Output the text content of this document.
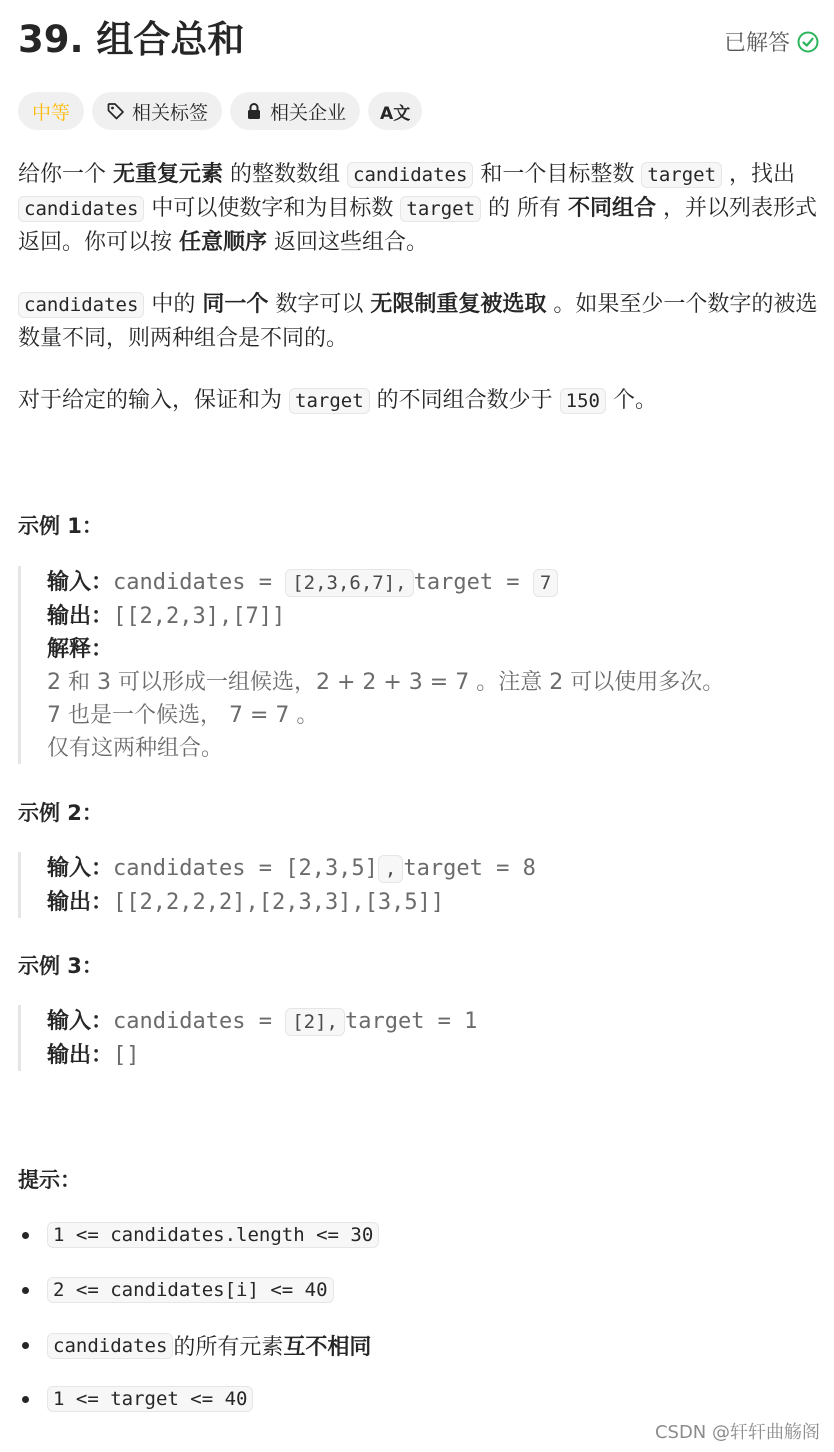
39. 组合总和	已解答
中等	相关标签	相关企业 A文
给你一个 无重复元素 的整数数组 candidates 和一个目标整数 target ，找出 candidates 中可以使数字和为目标数 target 的 所有 不同组合 ，并以列表形式返回。你可以按 任意顺序 返回这些组合。
candidates 中的 同一个 数字可以 无限制重复被选取 。如果至少一个数字的被选数量不同，则两种组合是不同的。
对于给定的输入，保证和为 target 的不同组合数少于 150 个。
示例 1：
输入：candidates = [2,3,6,7], target = 7
输出：[[2,2,3],[7]]
解释：
2 和 3 可以形成一组候选，2 + 2 + 3 = 7 。注意 2 可以使用多次。
7 也是一个候选， 7 = 7 。
仅有这两种组合。
示例 2：
输入：candidates = [2,3,5] , target = 8
输出：[[2,2,2,2],[2,3,3],[3,5]]
示例 3：
输入：candidates = [2], target = 1
输出：[]
提示：
1 <= candidates.length <= 30
2 <= candidates[i] <= 40
candidates 的所有元素 互不相同
1 <= target <= 40
CSDN @轩轩曲觞阁
